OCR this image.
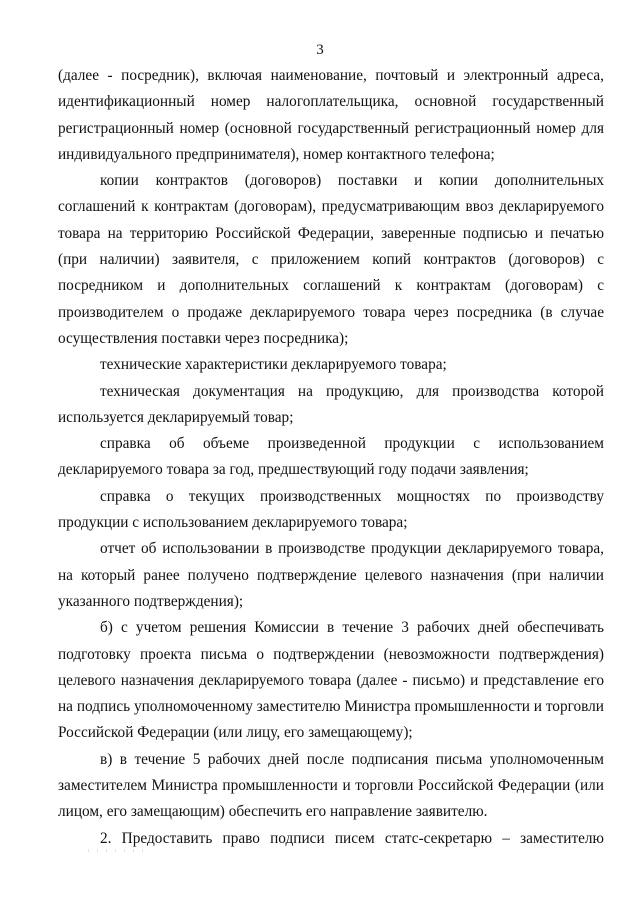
3

(далее - посредник), включая наименование, почтовый и электронный адреса, идентификационный номер налогоплательщика, основной государственный регистрационный номер (основной государственный регистрационный номер для индивидуального предпринимателя), номер контактного телефона;

копии контрактов (договоров) поставки и копии дополнительных соглашений к контрактам (договорам), предусматривающим ввоз декларируемого товара на территорию Российской Федерации, заверенные подписью и печатью (при наличии) заявителя, с приложением копий контрактов (договоров) с посредником и дополнительных соглашений к контрактам (договорам) с производителем о продаже декларируемого товара через посредника (в случае осуществления поставки через посредника);

технические характеристики декларируемого товара;

техническая документация на продукцию, для производства которой используется декларируемый товар;

справка об объеме произведенной продукции с использованием декларируемого товара за год, предшествующий году подачи заявления;

справка о текущих производственных мощностях по производству продукции с использованием декларируемого товара;

отчет об использовании в производстве продукции декларируемого товара, на который ранее получено подтверждение целевого назначения (при наличии указанного подтверждения);

б) с учетом решения Комиссии в течение 3 рабочих дней обеспечивать подготовку проекта письма о подтверждении (невозможности подтверждения) целевого назначения декларируемого товара (далее - письмо) и представление его на подпись уполномоченному заместителю Министра промышленности и торговли Российской Федерации (или лицу, его замещающему);

в) в течение 5 рабочих дней после подписания письма уполномоченным заместителем Министра промышленности и торговли Российской Федерации (или лицом, его замещающим) обеспечить его направление заявителю.

2. Предоставить право подписи писем статс-секретарю – заместителю
